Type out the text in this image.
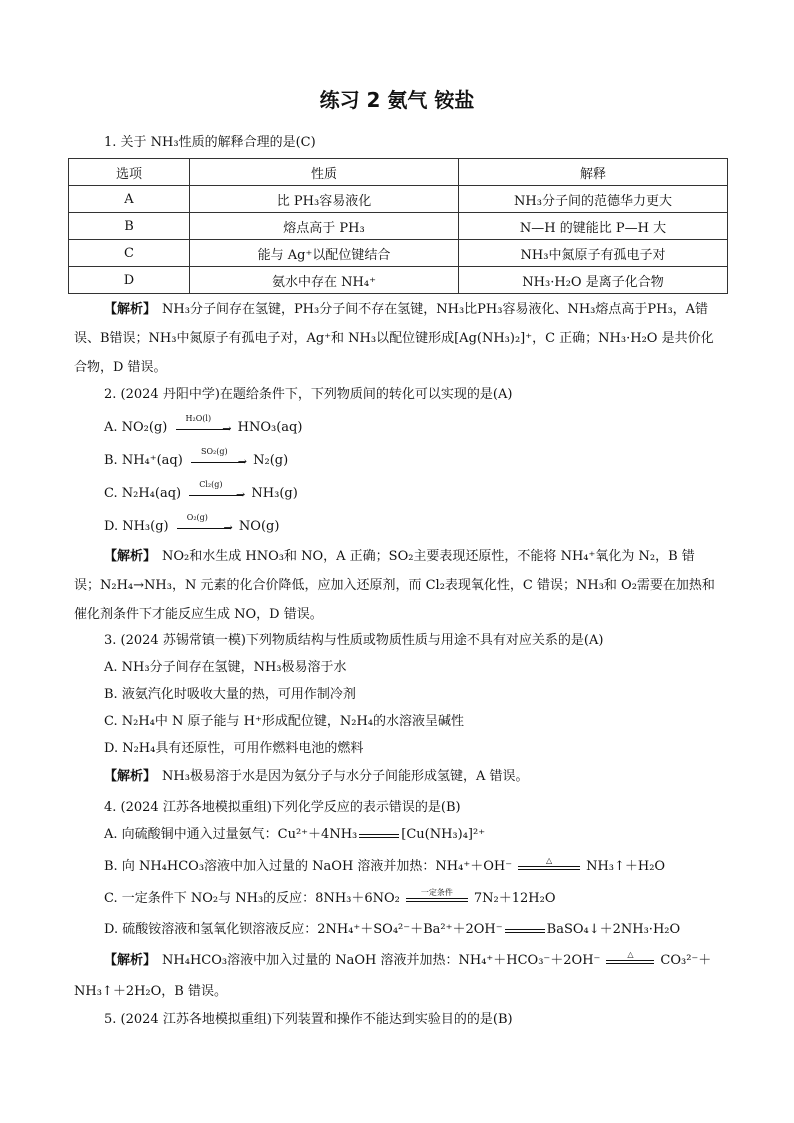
练习 2 氨气 铵盐
1. 关于 NH₃性质的解释合理的是(C)
选项	性质	解释
A	比 PH₃容易液化	NH₃分子间的范德华力更大
B	熔点高于 PH₃	N—H 的键能比 P—H 大
C	能与 Ag⁺以配位键结合	NH₃中氮原子有孤电子对
D	氨水中存在 NH₄⁺	NH₃·H₂O 是离子化合物
【解析】 NH₃分子间存在氢键，PH₃分子间不存在氢键，NH₃比PH₃容易液化、NH₃熔点高于PH₃，A错误、B错误；NH₃中氮原子有孤电子对，Ag⁺和 NH₃以配位键形成[Ag(NH₃)₂]⁺，C 正确；NH₃·H₂O 是共价化合物，D 错误。
2. (2024 丹阳中学)在题给条件下，下列物质间的转化可以实现的是(A)
A. NO₂(g)
H₂O(l)
→ HNO₃(aq)
B. NH₄⁺(aq)
SO₂(g)
→ N₂(g)
C. N₂H₄(aq)
Cl₂(g)
→ NH₃(g)
D. NH₃(g)
O₂(g)
→ NO(g)
【解析】 NO₂和水生成 HNO₃和 NO，A 正确；SO₂主要表现还原性，不能将 NH₄⁺氧化为 N₂，B 错误；N₂H₄→NH₃，N 元素的化合价降低，应加入还原剂，而 Cl₂表现氧化性，C 错误；NH₃和 O₂需要在加热和催化剂条件下才能反应生成 NO，D 错误。
3. (2024 苏锡常镇一模)下列物质结构与性质或物质性质与用途不具有对应关系的是(A)
A. NH₃分子间存在氢键，NH₃极易溶于水
B. 液氨汽化时吸收大量的热，可用作制冷剂
C. N₂H₄中 N 原子能与 H⁺形成配位键，N₂H₄的水溶液呈碱性
D. N₂H₄具有还原性，可用作燃料电池的燃料
【解析】 NH₃极易溶于水是因为氨分子与水分子间能形成氢键，A 错误。
4. (2024 江苏各地模拟重组)下列化学反应的表示错误的是(B)
A. 向硫酸铜中通入过量氨气：Cu²⁺＋4NH₃	[Cu(NH₃)₄]²⁺
B. 向 NH₄HCO₃溶液中加入过量的 NaOH 溶液并加热：NH₄⁺＋OH⁻	△	NH₃↑＋H₂O
C. 一定条件下 NO₂与 NH₃的反应：8NH₃＋6NO₂	一定条件	7N₂＋12H₂O
D. 硫酸铵溶液和氢氧化钡溶液反应：2NH₄⁺＋SO₄²⁻＋Ba²⁺＋2OH⁻	BaSO₄↓＋2NH₃·H₂O
【解析】 NH₄HCO₃溶液中加入过量的 NaOH 溶液并加热：NH₄⁺＋HCO₃⁻＋2OH⁻	△	CO₃²⁻＋
NH₃↑＋2H₂O，B 错误。
5. (2024 江苏各地模拟重组)下列装置和操作不能达到实验目的的是(B)
